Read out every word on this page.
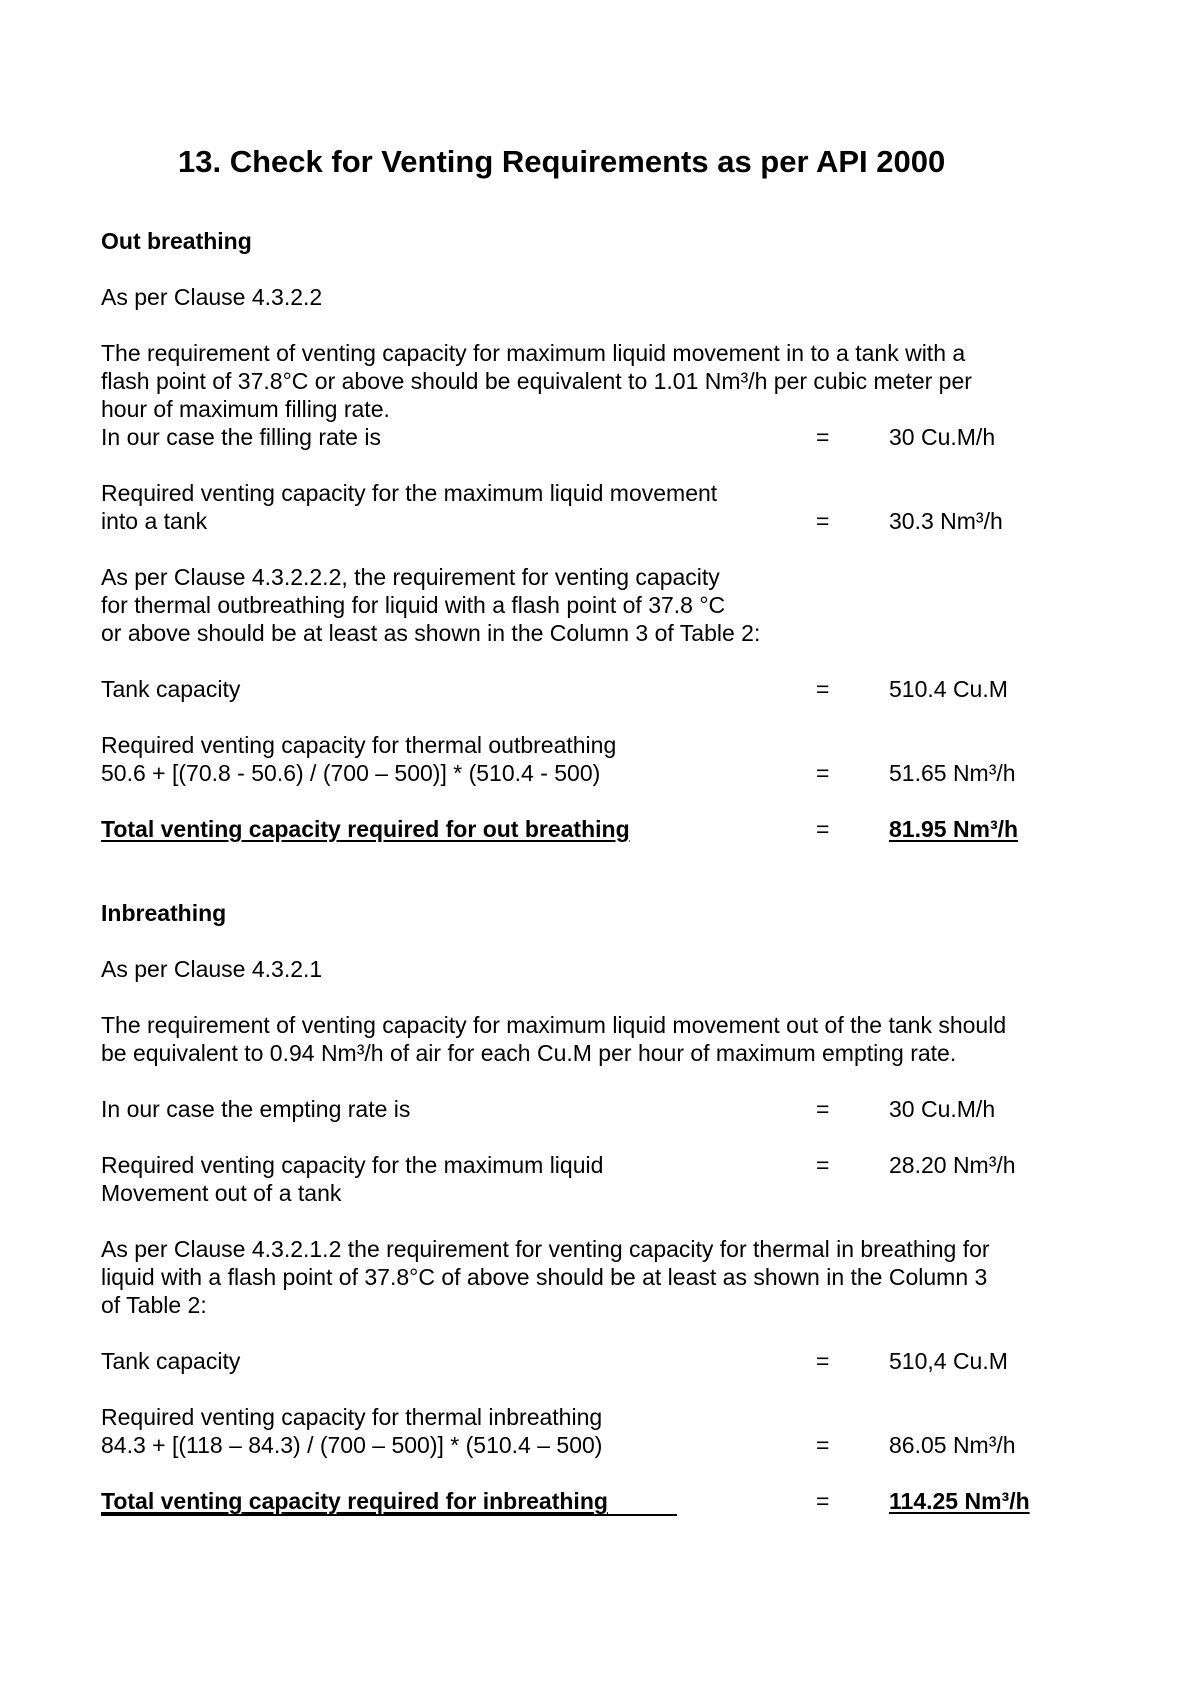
13. Check for Venting Requirements as per API 2000
Out breathing
As per Clause 4.3.2.2
The requirement of venting capacity for maximum liquid movement in to a tank with a
flash point of 37.8°C or above should be equivalent to 1.01 Nm³/h per cubic meter per
hour of maximum filling rate.
In our case the filling rate is	=	30 Cu.M/h
Required venting capacity for the maximum liquid movement
into a tank	=	30.3 Nm³/h
As per Clause 4.3.2.2.2, the requirement for venting capacity
for thermal outbreathing for liquid with a flash point of 37.8 °C
or above should be at least as shown in the Column 3 of Table 2:
Tank capacity	=	510.4 Cu.M
Required venting capacity for thermal outbreathing
50.6 + [(70.8 - 50.6) / (700 – 500)] * (510.4 - 500)	=	51.65 Nm³/h
Total venting capacity required for out breathing	=	81.95 Nm³/h
Inbreathing
As per Clause 4.3.2.1
The requirement of venting capacity for maximum liquid movement out of the tank should
be equivalent to 0.94 Nm³/h of air for each Cu.M per hour of maximum empting rate.
In our case the empting rate is	=	30 Cu.M/h
Required venting capacity for the maximum liquid	=	28.20 Nm³/h
Movement out of a tank
As per Clause 4.3.2.1.2 the requirement for venting capacity for thermal in breathing for
liquid with a flash point of 37.8°C of above should be at least as shown in the Column 3
of Table 2:
Tank capacity	=	510,4 Cu.M
Required venting capacity for thermal inbreathing
84.3 + [(118 – 84.3) / (700 – 500)] * (510.4 – 500)	=	86.05 Nm³/h
Total venting capacity required for inbreathing	=	114.25 Nm³/h
